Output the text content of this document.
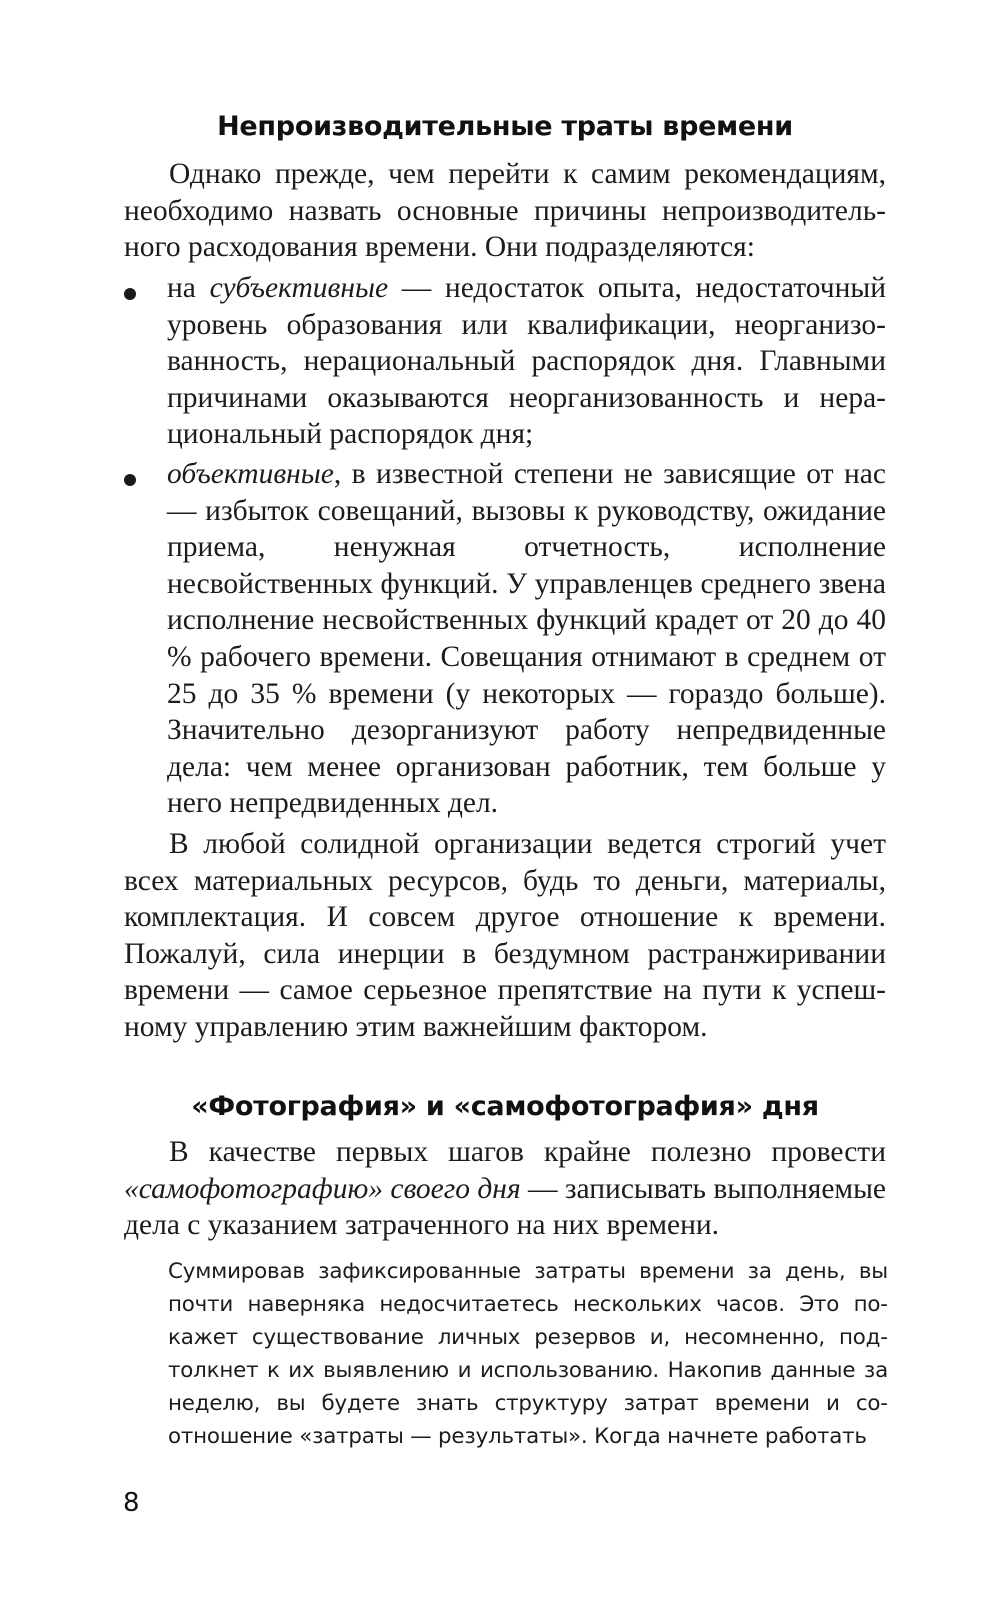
Непроизводительные траты времени

Однако прежде, чем перейти к самим рекомендациям, необходимо назвать основные причины непроизводительного расходования времени. Они подразделяются:

на субъективные — недостаток опыта, недостаточный уровень образования или квалификации, неорганизованность, нерациональный распорядок дня. Главными причинами оказываются неорганизованность и нерациональный распорядок дня;

объективные, в известной степени не зависящие от нас — избыток совещаний, вызовы к руководству, ожидание приема, ненужная отчетность, исполнение несвойственных функций. У управленцев среднего звена исполнение несвойственных функций крадет от 20 до 40 % рабочего времени. Совещания отнимают в среднем от 25 до 35 % времени (у некоторых — гораздо больше). Значительно дезорганизуют работу непредвиденные дела: чем менее организован работник, тем больше у него непредвиденных дел.

В любой солидной организации ведется строгий учет всех материальных ресурсов, будь то деньги, материалы, комплектация. И совсем другое отношение к времени. Пожалуй, сила инерции в бездумном растранжиривании времени — самое серьезное препятствие на пути к успешному управлению этим важнейшим фактором.

«Фотография» и «самофотография» дня

В качестве первых шагов крайне полезно провести «самофотографию» своего дня — записывать выполняемые дела с указанием затраченного на них времени.

Суммировав зафиксированные затраты времени за день, вы почти наверняка недосчитаетесь нескольких часов. Это покажет существование личных резервов и, несомненно, подтолкнет к их выявлению и использованию. Накопив данные за неделю, вы будете знать структуру затрат времени и соотношение «затраты — результаты». Когда начнете работать

8
